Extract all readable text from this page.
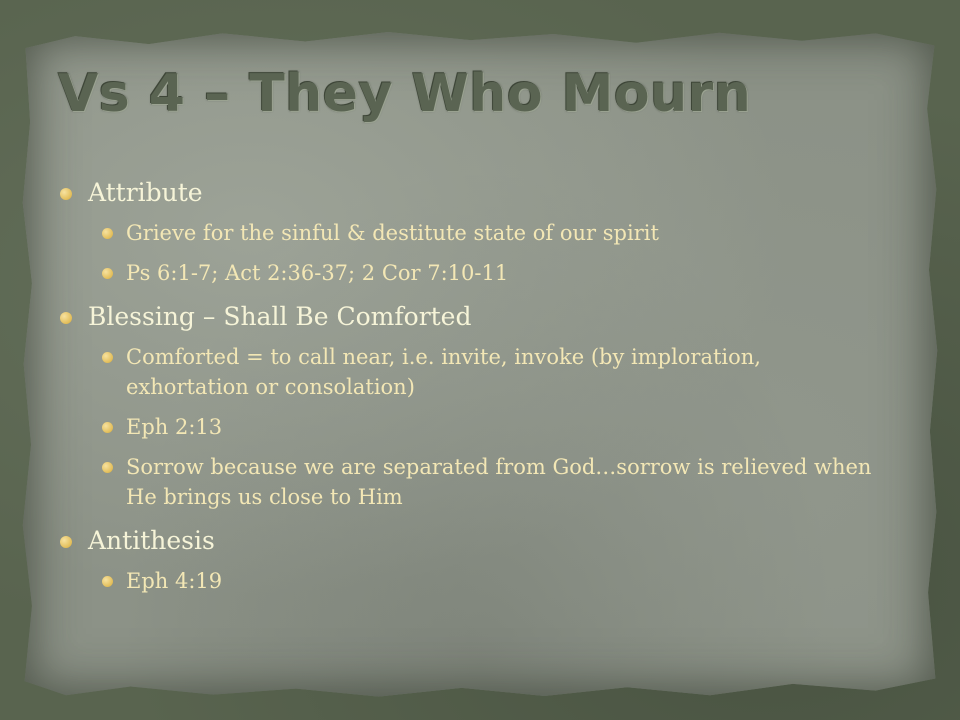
Vs 4 – They Who Mourn
Attribute
Grieve for the sinful & destitute state of our spirit
Ps 6:1-7; Act 2:36-37; 2 Cor 7:10-11
Blessing – Shall Be Comforted
Comforted = to call near, i.e. invite, invoke (by imploration, exhortation or consolation)
Eph 2:13
Sorrow because we are separated from God…sorrow is relieved when He brings us close to Him
Antithesis
Eph 4:19
